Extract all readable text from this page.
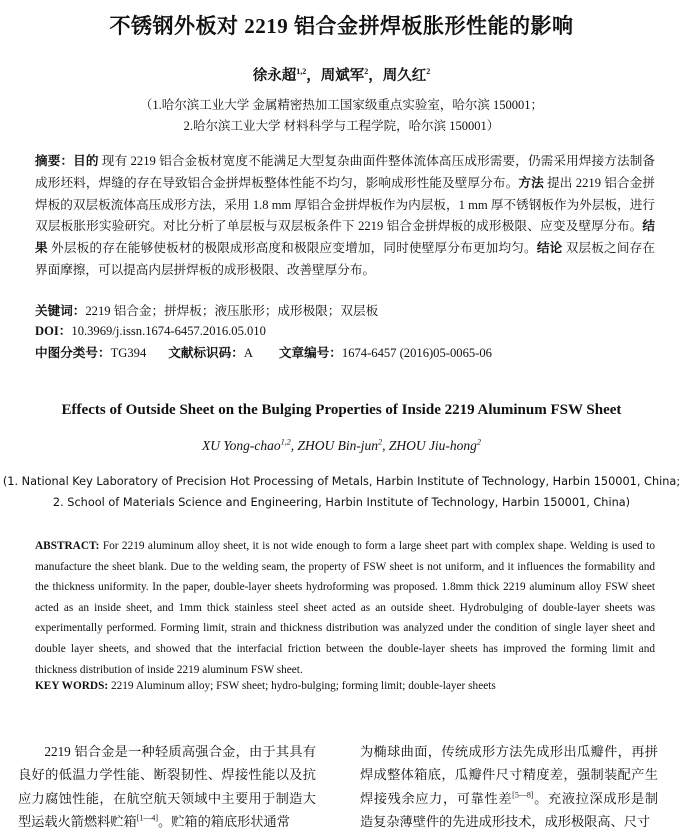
不锈钢外板对 2219 铝合金拼焊板胀形性能的影响
徐永超$^{1,2}$，周斌军$^2$，周久红$^2$
（1.哈尔滨工业大学 金属精密热加工国家级重点实验室，哈尔滨 150001；
2.哈尔滨工业大学 材料科学与工程学院，哈尔滨 150001）
摘要：目的 现有 2219 铝合金板材宽度不能满足大型复杂曲面件整体流体高压成形需要，仍需采用焊接方法制备成形坯料，焊缝的存在导致铝合金拼焊板整体性能不均匀，影响成形性能及壁厚分布。方法 提出 2219 铝合金拼焊板的双层板流体高压成形方法，采用 1.8 mm 厚铝合金拼焊板作为内层板，1 mm 厚不锈钢板作为外层板，进行双层板胀形实验研究。对比分析了单层板与双层板条件下 2219 铝合金拼焊板的成形极限、应变及壁厚分布。结果 外层板的存在能够使板材的极限成形高度和极限应变增加，同时使壁厚分布更加均匀。结论 双层板之间存在界面摩擦，可以提高内层拼焊板的成形极限、改善壁厚分布。
关键词：2219 铝合金；拼焊板；液压胀形；成形极限；双层板
DOI：10.3969/j.issn.1674-6457.2016.05.010
中图分类号：TG394 文献标识码：A 文章编号：1674-6457 (2016)05-0065-06
Effects of Outside Sheet on the Bulging Properties of Inside 2219 Aluminum FSW Sheet
XU Yong-chao$^{1,2}$, ZHOU Bin-jun$^2$, ZHOU Jiu-hong$^2$
(1. National Key Laboratory of Precision Hot Processing of Metals, Harbin Institute of Technology, Harbin 150001, China;
2. School of Materials Science and Engineering, Harbin Institute of Technology, Harbin 150001, China)
ABSTRACT: For 2219 aluminum alloy sheet, it is not wide enough to form a large sheet part with complex shape. Welding is used to manufacture the sheet blank. Due to the welding seam, the property of FSW sheet is not uniform, and it influences the formability and the thickness uniformity. In the paper, double-layer sheets hydroforming was proposed. 1.8mm thick 2219 aluminum alloy FSW sheet acted as an inside sheet, and 1mm thick stainless steel sheet acted as an outside sheet. Hydrobulging of double-layer sheets was experimentally performed. Forming limit, strain and thickness distribution was analyzed under the condition of single layer sheet and double layer sheets, and showed that the interfacial friction between the double-layer sheets has improved the forming limit and thickness distribution of inside 2219 aluminum FSW sheet.
KEY WORDS: 2219 Aluminum alloy; FSW sheet; hydro-bulging; forming limit; double-layer sheets
2219 铝合金是一种轻质高强合金，由于其具有良好的低温力学性能、断裂韧性、焊接性能以及抗应力腐蚀性能，在航空航天领域中主要用于制造大型运载火箭燃料贮箱[1—4]。贮箱的箱底形状通常
为椭球曲面，传统成形方法先成形出瓜瓣件，再拼焊成整体箱底，瓜瓣件尺寸精度差，强制装配产生焊接残余应力，可靠性差[5—8]。充液拉深成形是制造复杂薄壁件的先进成形技术，成形极限高、尺寸
